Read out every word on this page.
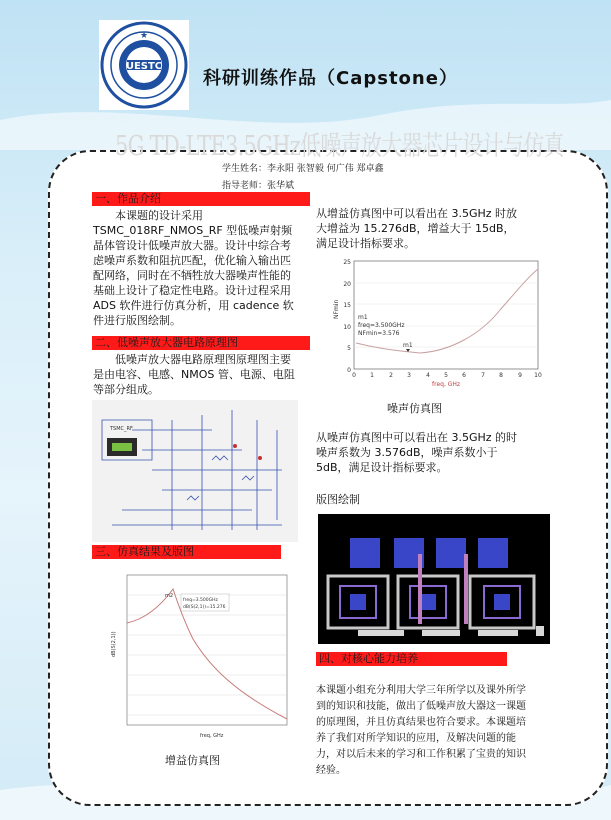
UESTC
★
科研训练作品（Capstone）
5G TD-LTE3.5GHz低噪声放大器芯片设计与仿真
学生姓名：李永阳 张智毅 何广伟 郑卓鑫
指导老师：张华斌
一、作品介绍
本课题的设计采用 TSMC_018RF_NMOS_RF 型低噪声射频晶体管设计低噪声放大器。设计中综合考虑噪声系数和阻抗匹配，优化输入输出匹配网络，同时在不牺牲放大器噪声性能的基础上设计了稳定性电路。设计过程采用 ADS 软件进行仿真分析，用 cadence 软件进行版图绘制。
二、低噪声放大器电路原理图
低噪声放大器电路原理图原理图主要是由电容、电感、NMOS 管、电源、电阻等部分组成。
TSMC_RF
三、仿真结果及版图
m2
freq=3.500GHz
dB(S(2,1))=15.276
dB(S(2,1))
freq, GHz
增益仿真图
从增益仿真图中可以看出在 3.5GHz 时放大增益为 15.276dB，增益大于 15dB，满足设计指标要求。
25
20
15
10
5
0
0 1	2 3	4 5 6	7 8	9 10
m1
m1
freq=3.500GHz
NFmin=3.576
NFmin
freq, GHz
噪声仿真图
从噪声仿真图中可以看出在 3.5GHz 的时噪声系数为 3.576dB，噪声系数小于 5dB，满足设计指标要求。
版图绘制
四、对核心能力培养
本课题小组充分利用大学三年所学以及课外所学到的知识和技能，做出了低噪声放大器这一课题的原理图，并且仿真结果也符合要求。本课题培养了我们对所学知识的应用，及解决问题的能力，对以后未来的学习和工作积累了宝贵的知识经验。
